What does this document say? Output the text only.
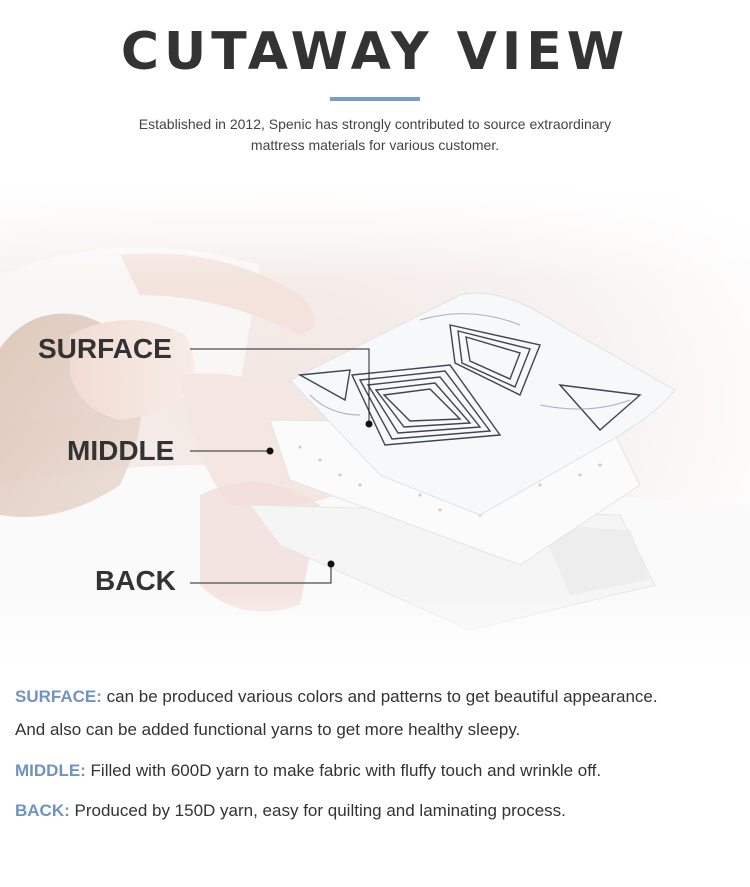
CUTAWAY VIEW
Established in 2012, Spenic has strongly contributed to source extraordinary
mattress materials for various customer.
SURFACE
MIDDLE
BACK
SURFACE: can be produced various colors and patterns to get beautiful appearance.
And also can be added functional yarns to get more healthy sleepy.
MIDDLE: Filled with 600D yarn to make fabric with fluffy touch and wrinkle off.
BACK: Produced by 150D yarn, easy for quilting and laminating process.
